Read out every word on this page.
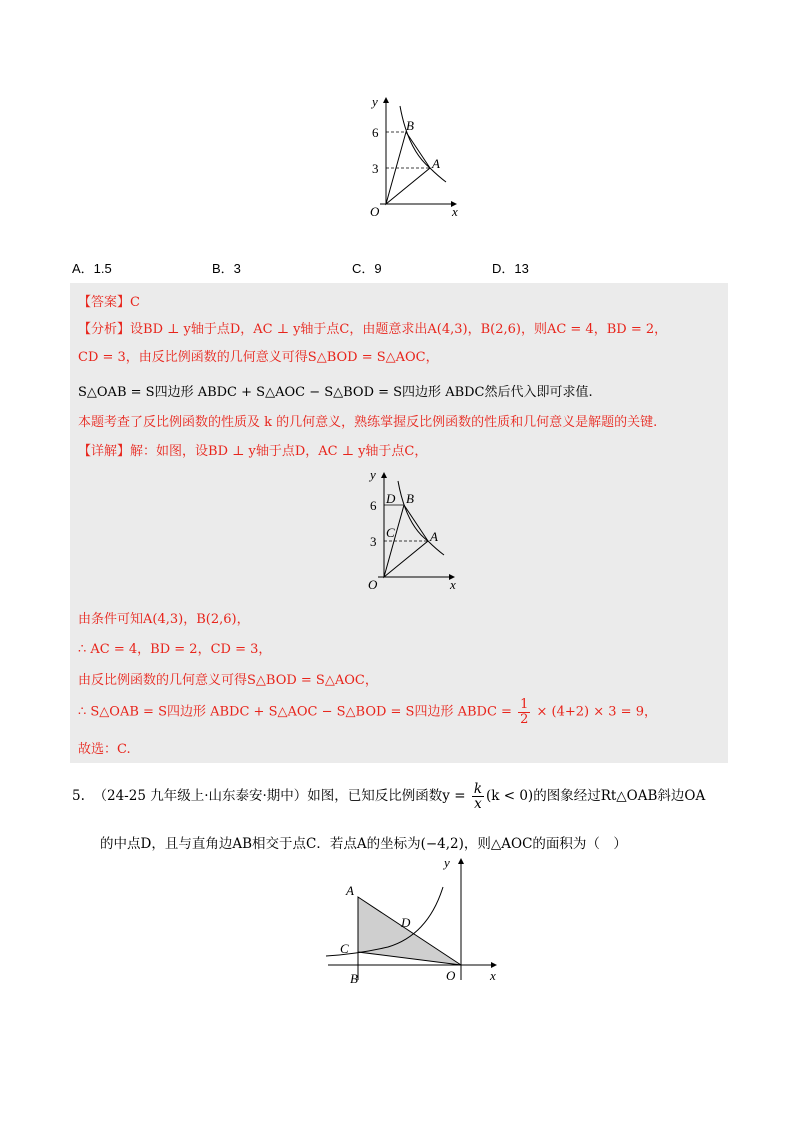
y
6
3
B
A
O	x
A．1.5	B．3	C．9	D．13
【答案】C
【分析】设BD ⊥ y轴于点D，AC ⊥ y轴于点C，由题意求出A(4,3)，B(2,6)，则AC = 4，BD = 2，
CD = 3，由反比例函数的几何意义可得S△BOD = S△AOC，
S△OAB = S四边形 ABDC + S△AOC − S△BOD = S四边形 ABDC然后代入即可求值.
本题考查了反比例函数的性质及 k 的几何意义，熟练掌握反比例函数的性质和几何意义是解题的关键.
【详解】解：如图，设BD ⊥ y轴于点D，AC ⊥ y轴于点C，
y
6
3
D B
C	A
O	x
由条件可知A(4,3)，B(2,6)，
∴ AC = 4，BD = 2，CD = 3，
由反比例函数的几何意义可得S△BOD = S△AOC，
∴ S△OAB = S四边形 ABDC + S△AOC − S△BOD = S四边形 ABDC = $\frac{1}{2} \times (4+2) \times 3 = 9$，
故选：C.
5. （24-25 九年级上·山东泰安·期中）如图，已知反比例函数$y = \frac{k}{x} (k < 0)$的图象经过Rt△OAB斜边OA
的中点D，且与直角边AB相交于点C．若点A的坐标为(−4,2)，则△AOC的面积为（　）
y
A
D
C
B	O	x
